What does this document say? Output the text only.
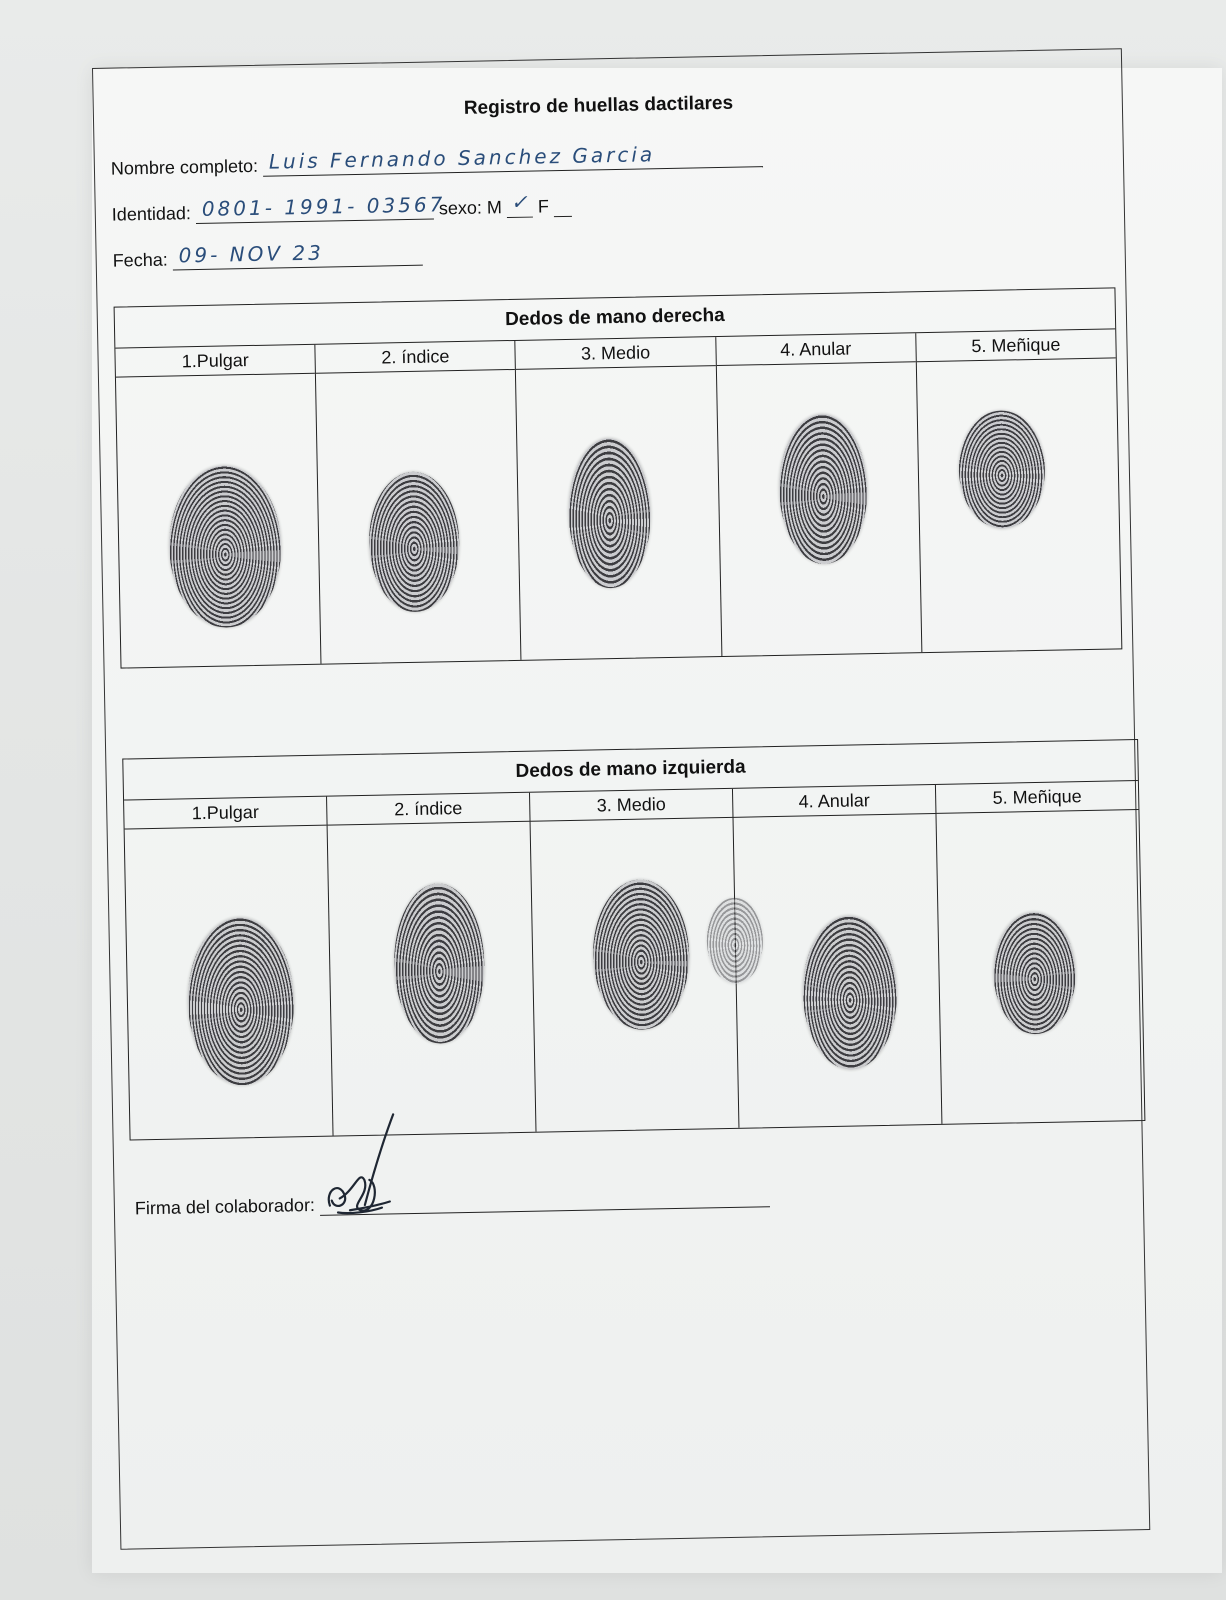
Registro de huellas dactilares
Nombre completo: Luis Fernando Sanchez Garcia
Identidad: 0801- 1991- 03567
sexo: M ✓ F
Fecha: 09- NOV 23
Dedos de mano derecha
1.Pulgar	2. índice	3. Medio	4. Anular	5. Meñique
Dedos de mano izquierda
1.Pulgar	2. índice	3. Medio	4. Anular	5. Meñique
Firma del colaborador:
